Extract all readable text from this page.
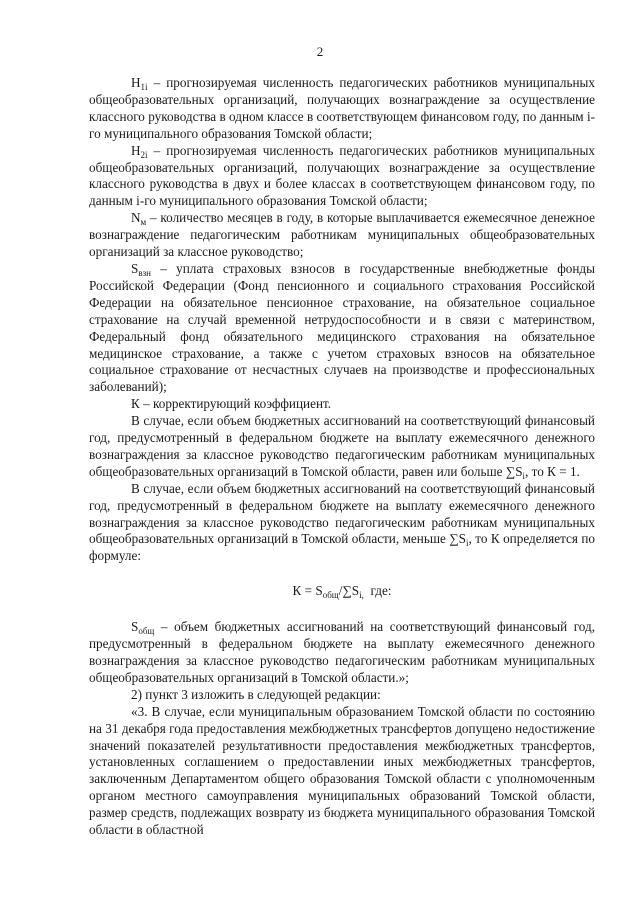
2

$Н_{1i}$ – прогнозируемая численность педагогических работников муниципальных общеобразовательных организаций, получающих вознаграждение за осуществление классного руководства в одном классе в соответствующем финансовом году, по данным i-го муниципального образования Томской области;

$Н_{2i}$ – прогнозируемая численность педагогических работников муниципальных общеобразовательных организаций, получающих вознаграждение за осуществление классного руководства в двух и более классах в соответствующем финансовом году, по данным i-го муниципального образования Томской области;

$N_м$ – количество месяцев в году, в которые выплачивается ежемесячное денежное вознаграждение педагогическим работникам муниципальных общеобразовательных организаций за классное руководство;

$S_{взн}$ – уплата страховых взносов в государственные внебюджетные фонды Российской Федерации (Фонд пенсионного и социального страхования Российской Федерации на обязательное пенсионное страхование, на обязательное социальное страхование на случай временной нетрудоспособности и в связи с материнством, Федеральный фонд обязательного медицинского страхования на обязательное медицинское страхование, а также с учетом страховых взносов на обязательное социальное страхование от несчастных случаев на производстве и профессиональных заболеваний);

К – корректирующий коэффициент.

В случае, если объем бюджетных ассигнований на соответствующий финансовый год, предусмотренный в федеральном бюджете на выплату ежемесячного денежного вознаграждения за классное руководство педагогическим работникам муниципальных общеобразовательных организаций в Томской области, равен или больше $\sum S_i$, то К = 1.

В случае, если объем бюджетных ассигнований на соответствующий финансовый год, предусмотренный в федеральном бюджете на выплату ежемесячного денежного вознаграждения за классное руководство педагогическим работникам муниципальных общеобразовательных организаций в Томской области, меньше $\sum S_i$, то К определяется по формуле:

$К = S_{общ}/\sum S_{i,}$  где:

$S_{общ}$ – объем бюджетных ассигнований на соответствующий финансовый год, предусмотренный в федеральном бюджете на выплату ежемесячного денежного вознаграждения за классное руководство педагогическим работникам муниципальных общеобразовательных организаций в Томской области.»;

2) пункт 3 изложить в следующей редакции:

«3. В случае, если муниципальным образованием Томской области по состоянию на 31 декабря года предоставления межбюджетных трансфертов допущено недостижение значений показателей результативности предоставления межбюджетных трансфертов, установленных соглашением о предоставлении иных межбюджетных трансфертов, заключенным Департаментом общего образования Томской области с уполномоченным органом местного самоуправления муниципальных образований Томской области, размер средств, подлежащих возврату из бюджета муниципального образования Томской области в областной
